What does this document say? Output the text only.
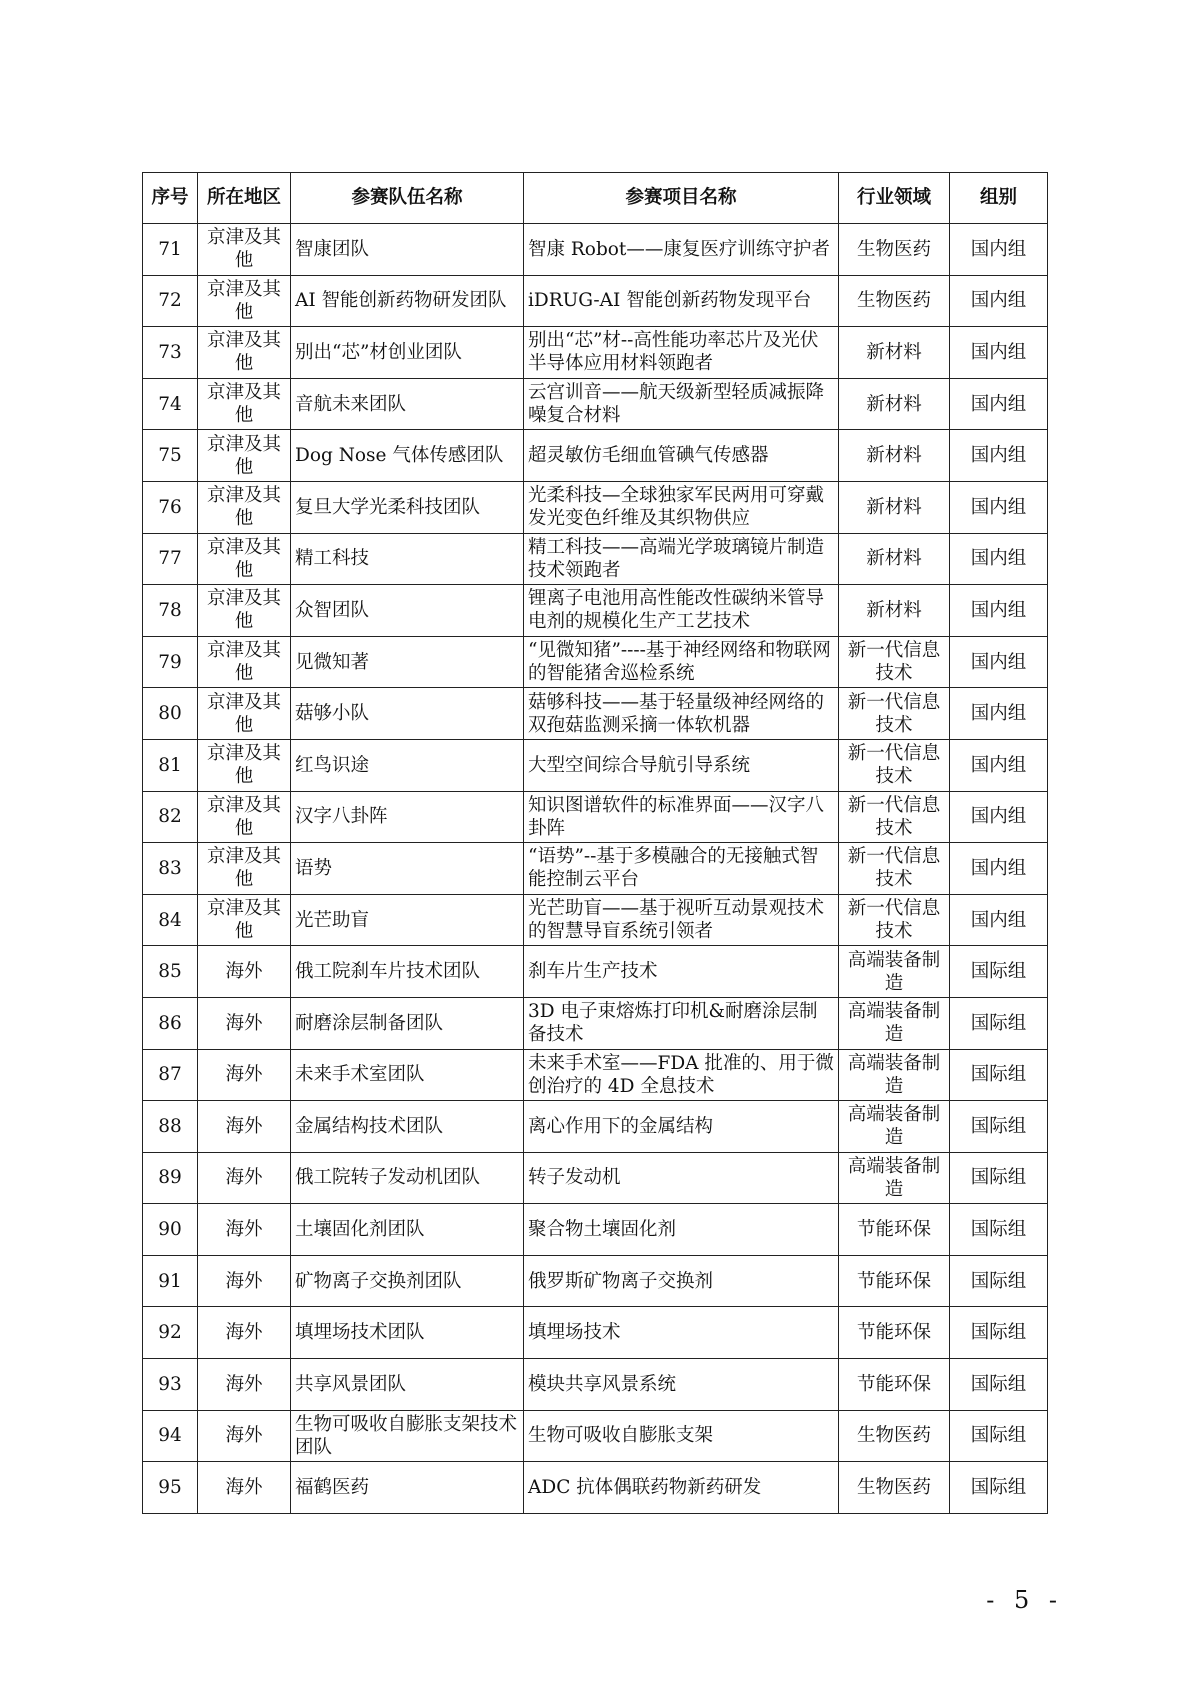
序号	所在地区	参赛队伍名称	参赛项目名称	行业领域	组别
71	京津及其他	智康团队	智康 Robot——康复医疗训练守护者	生物医药	国内组
72	京津及其他	AI 智能创新药物研发团队	iDRUG-AI 智能创新药物发现平台	生物医药	国内组
73	京津及其他	别出“芯”材创业团队	别出“芯”材--高性能功率芯片及光伏半导体应用材料领跑者	新材料	国内组
74	京津及其他	音航未来团队	云宫训音——航天级新型轻质减振降噪复合材料	新材料	国内组
75	京津及其他	Dog Nose 气体传感团队	超灵敏仿毛细血管碘气传感器	新材料	国内组
76	京津及其他	复旦大学光柔科技团队	光柔科技—全球独家军民两用可穿戴发光变色纤维及其织物供应	新材料	国内组
77	京津及其他	精工科技	精工科技——高端光学玻璃镜片制造技术领跑者	新材料	国内组
78	京津及其他	众智团队	锂离子电池用高性能改性碳纳米管导电剂的规模化生产工艺技术	新材料	国内组
79	京津及其他	见微知著	“见微知猪”----基于神经网络和物联网的智能猪舍巡检系统	新一代信息技术	国内组
80	京津及其他	菇够小队	菇够科技——基于轻量级神经网络的双孢菇监测采摘一体软机器	新一代信息技术	国内组
81	京津及其他	红鸟识途	大型空间综合导航引导系统	新一代信息技术	国内组
82	京津及其他	汉字八卦阵	知识图谱软件的标准界面——汉字八卦阵	新一代信息技术	国内组
83	京津及其他	语势	“语势”--基于多模融合的无接触式智能控制云平台	新一代信息技术	国内组
84	京津及其他	光芒助盲	光芒助盲——基于视听互动景观技术的智慧导盲系统引领者	新一代信息技术	国内组
85	海外	俄工院刹车片技术团队	刹车片生产技术	高端装备制造	国际组
86	海外	耐磨涂层制备团队	3D 电子束熔炼打印机&耐磨涂层制备技术	高端装备制造	国际组
87	海外	未来手术室团队	未来手术室——FDA 批准的、用于微创治疗的 4D 全息技术	高端装备制造	国际组
88	海外	金属结构技术团队	离心作用下的金属结构	高端装备制造	国际组
89	海外	俄工院转子发动机团队	转子发动机	高端装备制造	国际组
90	海外	土壤固化剂团队	聚合物土壤固化剂	节能环保	国际组
91	海外	矿物离子交换剂团队	俄罗斯矿物离子交换剂	节能环保	国际组
92	海外	填埋场技术团队	填埋场技术	节能环保	国际组
93	海外	共享风景团队	模块共享风景系统	节能环保	国际组
94	海外	生物可吸收自膨胀支架技术团队	生物可吸收自膨胀支架	生物医药	国际组
95	海外	福鹤医药	ADC 抗体偶联药物新药研发	生物医药	国际组
- 5 -
